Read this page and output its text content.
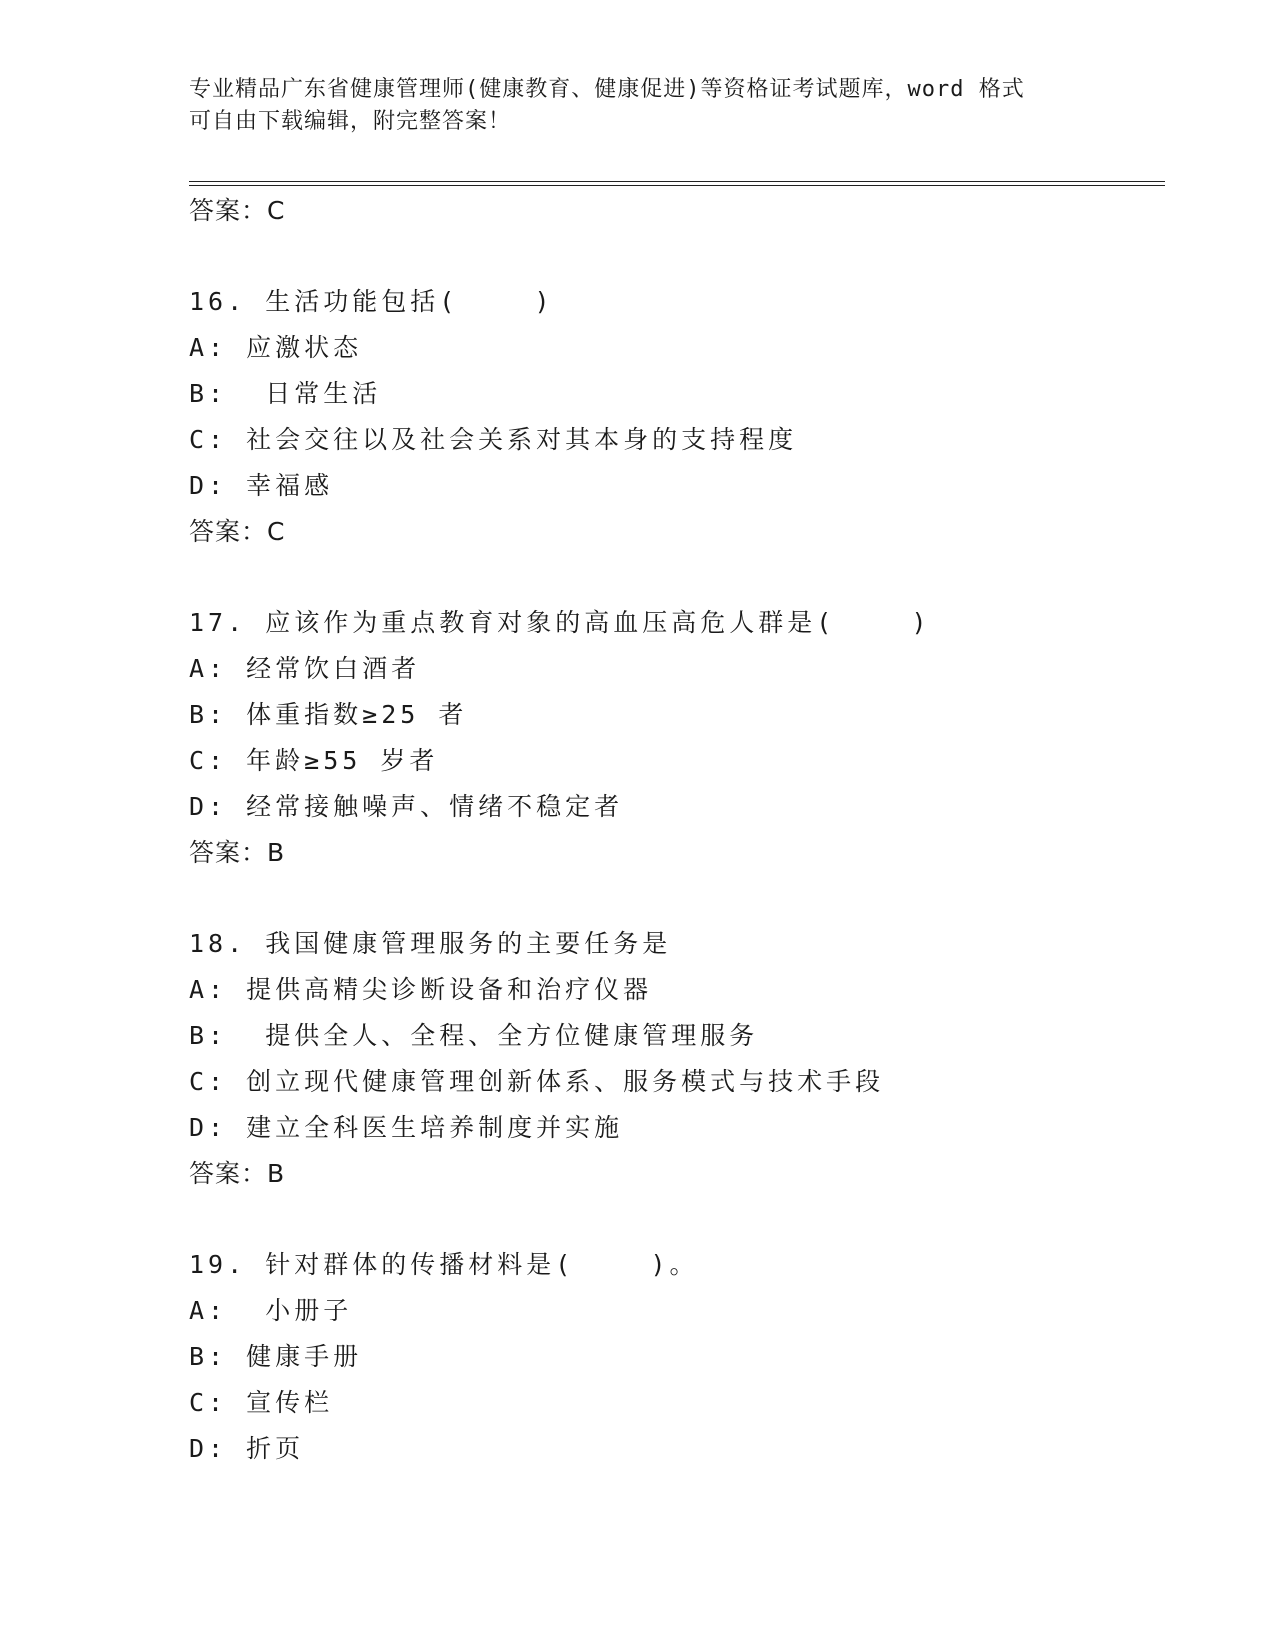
专业精品广东省健康管理师(健康教育、健康促进)等资格证考试题库，word 格式
可自由下载编辑，附完整答案！
答案：C
16. 生活功能包括(    )
A: 应激状态
B:  日常生活
C: 社会交往以及社会关系对其本身的支持程度
D: 幸福感
答案：C
17. 应该作为重点教育对象的高血压高危人群是(    )
A: 经常饮白酒者
B: 体重指数≥25 者
C: 年龄≥55 岁者
D: 经常接触噪声、情绪不稳定者
答案：B
18. 我国健康管理服务的主要任务是
A: 提供高精尖诊断设备和治疗仪器
B:  提供全人、全程、全方位健康管理服务
C: 创立现代健康管理创新体系、服务模式与技术手段
D: 建立全科医生培养制度并实施
答案：B
19. 针对群体的传播材料是(    )。
A:  小册子
B: 健康手册
C: 宣传栏
D: 折页
